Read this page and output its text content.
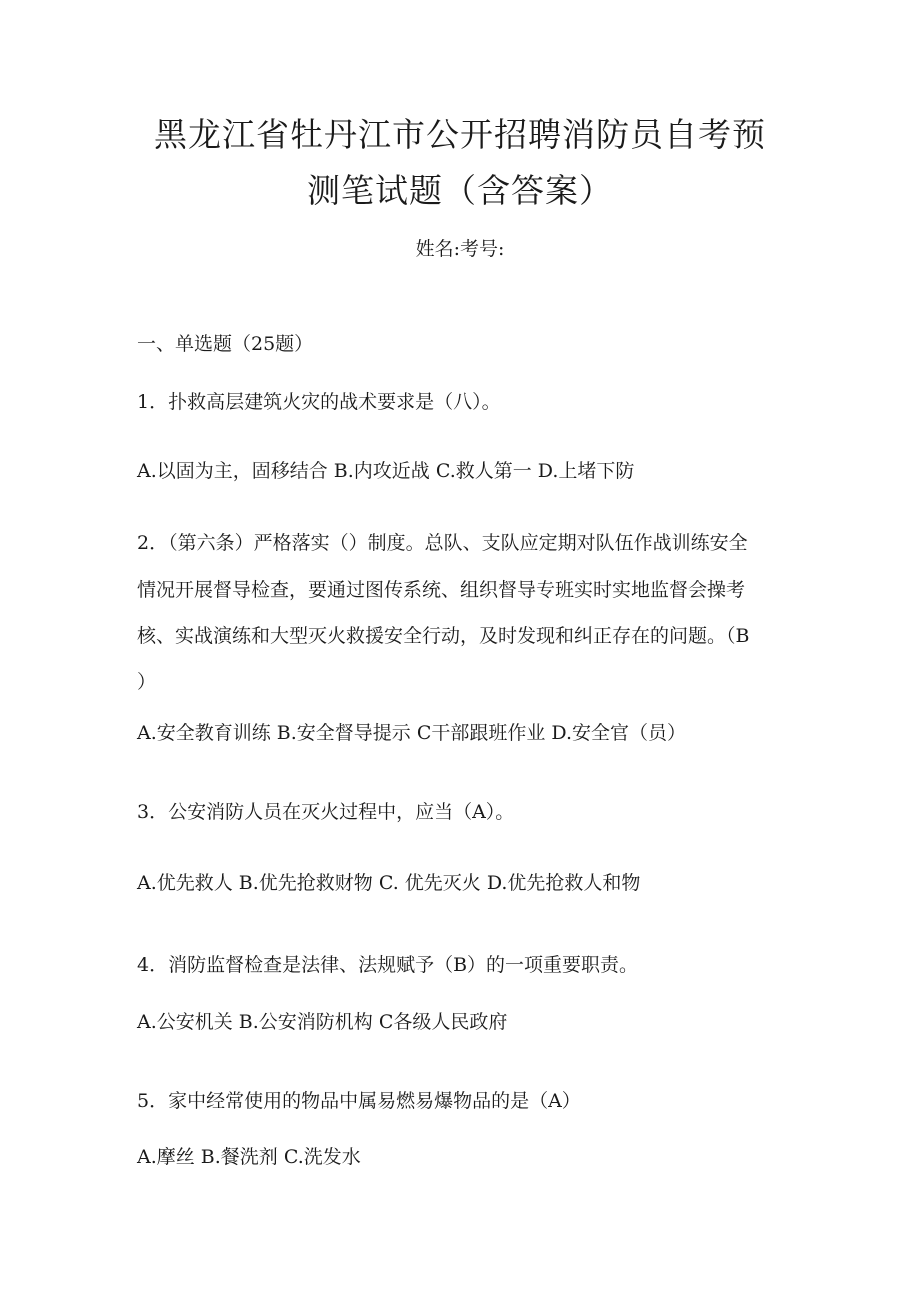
黑龙江省牡丹江市公开招聘消防员自考预
测笔试题（含答案）
姓名:考号:
一、单选题（25题）
1．扑救高层建筑火灾的战术要求是（八）。
A.以固为主，固移结合 B.内攻近战 C.救人第一 D.上堵下防
2．（第六条）严格落实（）制度。总队、支队应定期对队伍作战训练安全
情况开展督导检查，要通过图传系统、组织督导专班实时实地监督会操考
核、实战演练和大型灭火救援安全行动，及时发现和纠正存在的问题。（B
）
A.安全教育训练 B.安全督导提示 C干部跟班作业 D.安全官（员）
3．公安消防人员在灭火过程中，应当（A）。
A.优先救人 B.优先抢救财物 C. 优先灭火 D.优先抢救人和物
4．消防监督检查是法律、法规赋予（B）的一项重要职责。
A.公安机关 B.公安消防机构 C各级人民政府
5．家中经常使用的物品中属易燃易爆物品的是（A）
A.摩丝 B.餐洗剂 C.洗发水
